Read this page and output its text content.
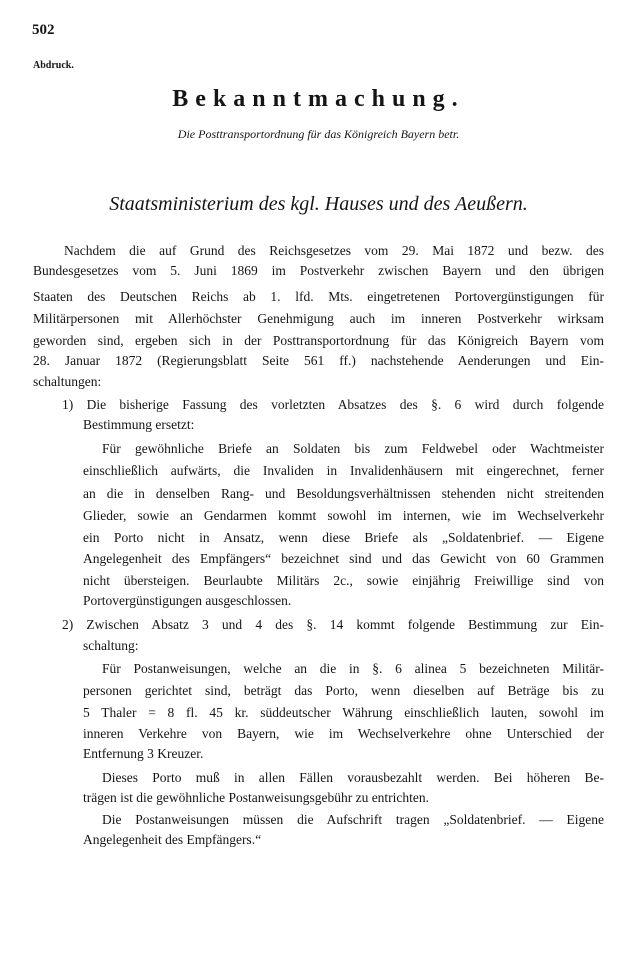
502
Abdruck.
Bekanntmachung.
Die Posttransportordnung für das Königreich Bayern betr.
Staatsministerium des kgl. Hauses und des Aeußern.
Nachdem die auf Grund des Reichsgesetzes vom 29. Mai 1872 und bezw. des
Bundesgesetzes vom 5. Juni 1869 im Postverkehr zwischen Bayern und den übrigen
Staaten des Deutschen Reichs ab 1. lfd. Mts. eingetretenen Portovergünstigungen für
Militärpersonen mit Allerhöchster Genehmigung auch im inneren Postverkehr wirksam
geworden sind, ergeben sich in der Posttransportordnung für das Königreich Bayern vom
28. Januar 1872 (Regierungsblatt Seite 561 ff.) nachstehende Aenderungen und Ein-
schaltungen:
1) Die bisherige Fassung des vorletzten Absatzes des §. 6 wird durch folgende
Bestimmung ersetzt:
Für gewöhnliche Briefe an Soldaten bis zum Feldwebel oder Wachtmeister
einschließlich aufwärts, die Invaliden in Invalidenhäusern mit eingerechnet, ferner
an die in denselben Rang- und Besoldungsverhältnissen stehenden nicht streitenden
Glieder, sowie an Gendarmen kommt sowohl im internen, wie im Wechselverkehr
ein Porto nicht in Ansatz, wenn diese Briefe als „Soldatenbrief. — Eigene
Angelegenheit des Empfängers“ bezeichnet sind und das Gewicht von 60 Grammen
nicht übersteigen. Beurlaubte Militärs 2c., sowie einjährig Freiwillige sind von
Portovergünstigungen ausgeschlossen.
2) Zwischen Absatz 3 und 4 des §. 14 kommt folgende Bestimmung zur Ein-
schaltung:
Für Postanweisungen, welche an die in §. 6 alinea 5 bezeichneten Militär-
personen gerichtet sind, beträgt das Porto, wenn dieselben auf Beträge bis zu
5 Thaler = 8 fl. 45 kr. süddeutscher Währung einschließlich lauten, sowohl im
inneren Verkehre von Bayern, wie im Wechselverkehre ohne Unterschied der
Entfernung 3 Kreuzer.
Dieses Porto muß in allen Fällen vorausbezahlt werden. Bei höheren Be-
trägen ist die gewöhnliche Postanweisungsgebühr zu entrichten.
Die Postanweisungen müssen die Aufschrift tragen „Soldatenbrief. — Eigene
Angelegenheit des Empfängers.“
